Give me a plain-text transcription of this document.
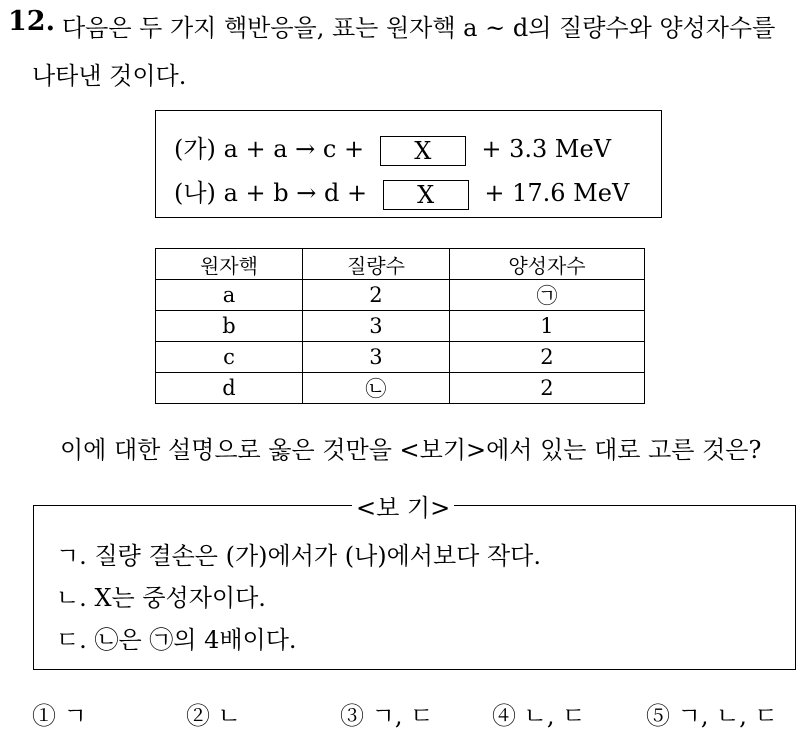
12. 다음은 두 가지 핵반응을, 표는 원자핵 a ~ d의 질량수와 양성자수를
나타낸 것이다.
(가) a + a → c + X + 3.3 MeV
(나) a + b → d + X + 17.6 MeV
원자핵	질량수	양성자수
a	2	㉠
b	3	1
c	3	2
d	㉡	2
이에 대한 설명으로 옳은 것만을 <보기>에서 있는 대로 고른 것은?
<보 기>
ㄱ. 질량 결손은 (가)에서가 (나)에서보다 작다.
ㄴ. X는 중성자이다.
ㄷ. ㉡은 ㉠의 4배이다.
① ㄱ	② ㄴ	③ ㄱ, ㄷ ④ ㄴ, ㄷ	⑤ ㄱ, ㄴ, ㄷ
